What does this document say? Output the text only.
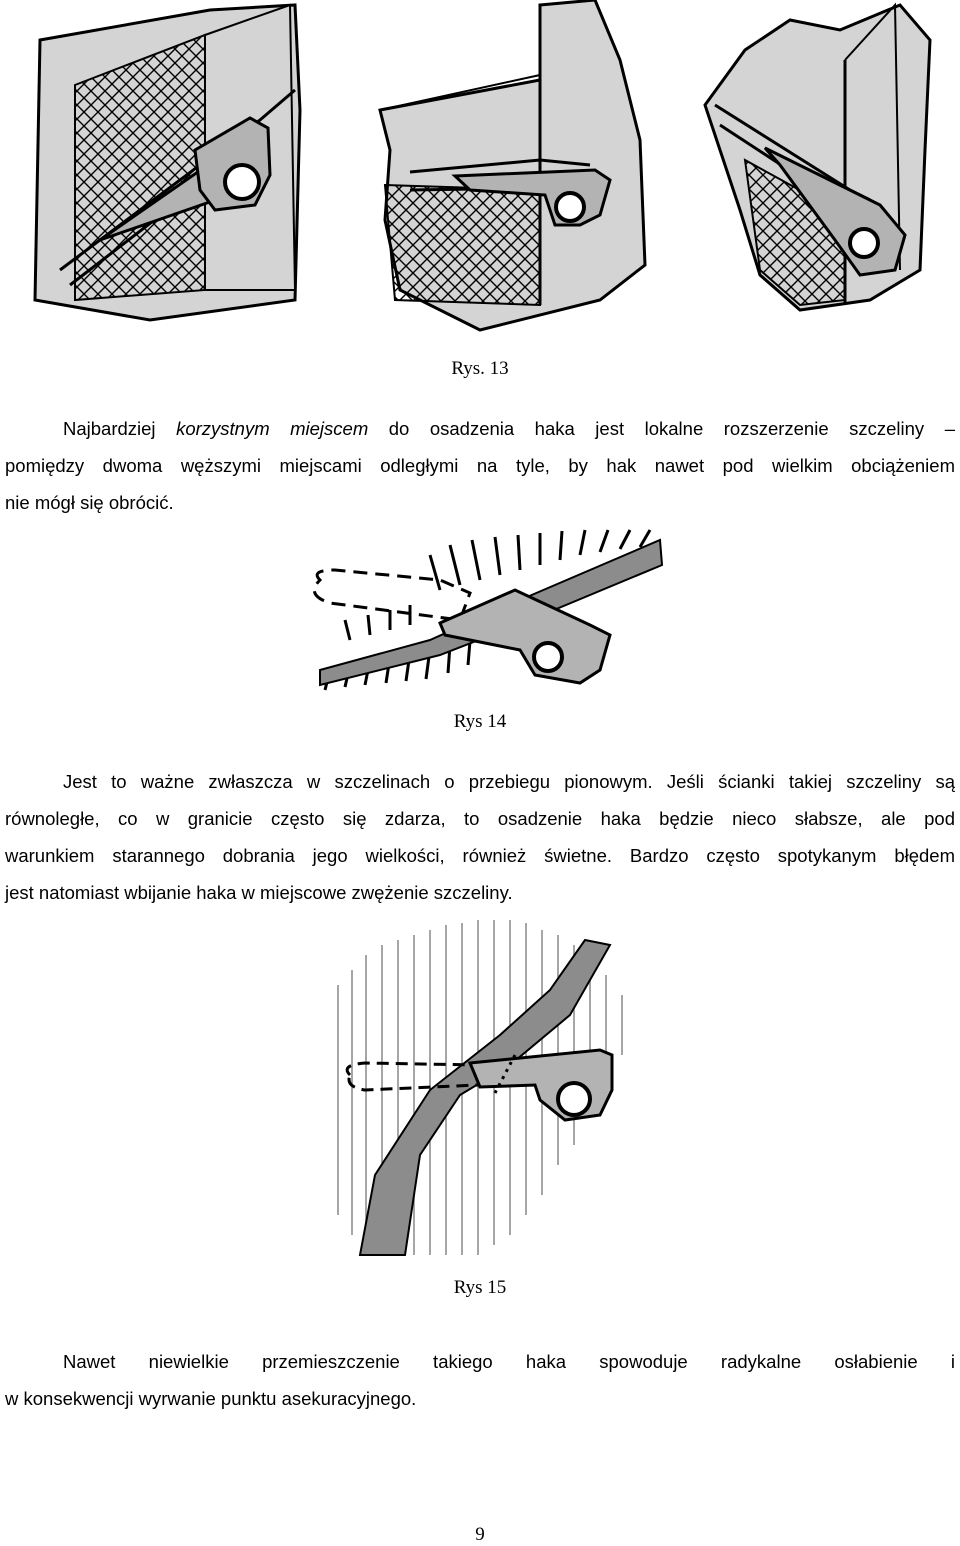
Rys. 13
Najbardziej korzystnym miejscem do osadzenia haka jest lokalne rozszerzenie szczeliny –
pomiędzy dwoma węższymi miejscami odległymi na tyle, by hak nawet pod wielkim obciążeniem
nie mógł się obrócić.
Rys 14
Jest to ważne zwłaszcza w szczelinach o przebiegu pionowym. Jeśli ścianki takiej szczeliny są
równoległe, co w granicie często się zdarza, to osadzenie haka będzie nieco słabsze, ale pod
warunkiem starannego dobrania jego wielkości, również świetne. Bardzo często spotykanym błędem
jest natomiast wbijanie haka w miejscowe zwężenie szczeliny.
Rys 15
Nawet niewielkie przemieszczenie takiego haka spowoduje radykalne osłabienie i
w konsekwencji wyrwanie punktu asekuracyjnego.
9
